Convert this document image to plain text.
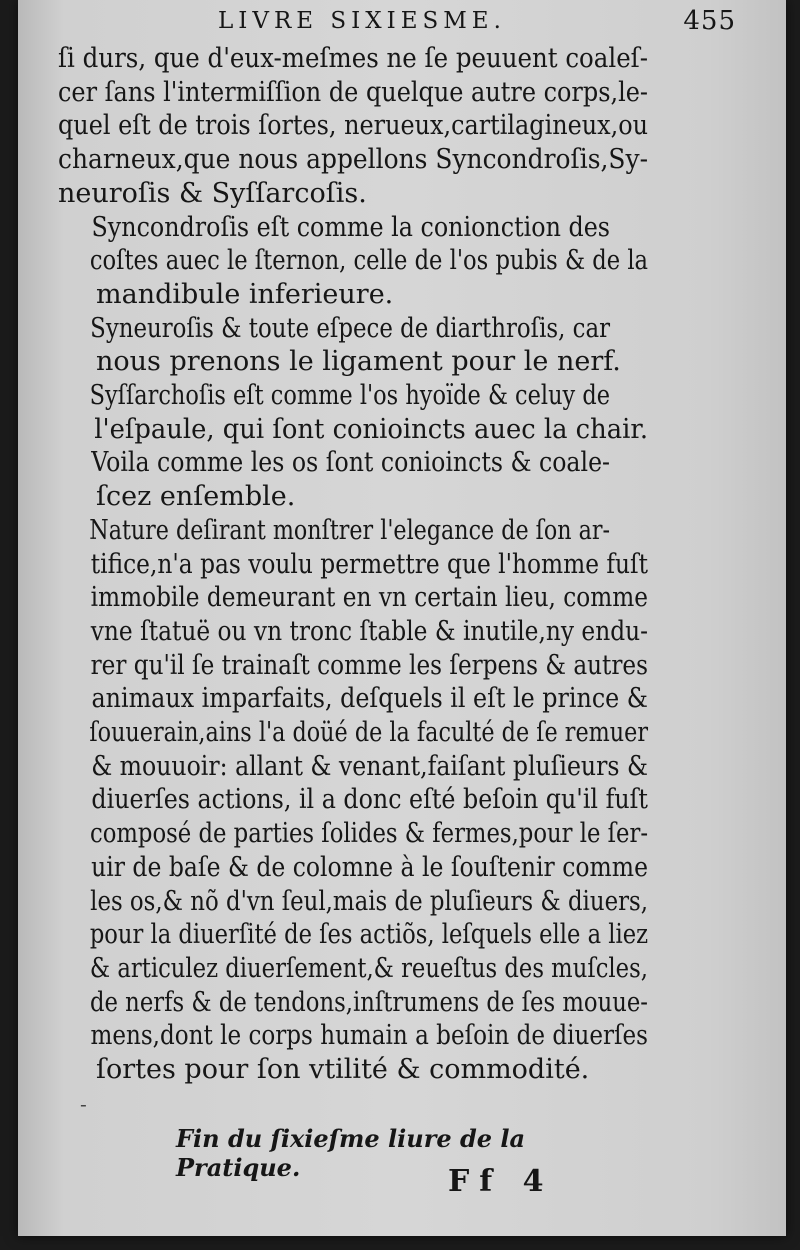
LIVRE SIXIESME.	455

ſi durs, que d'eux-meſmes ne ſe peuuent coaleſ-
cer ſans l'intermiſſion de quelque autre corps,le-
quel eſt de trois ſortes, nerueux,cartilagineux,ou
charneux,que nous appellons Syncondroſis,Sy-
neuroſis & Syſſarcoſis.

Syncondroſis eſt comme la conionction des
coſtes auec le ſternon, celle de l'os pubis & de la
mandibule inferieure.

Syneuroſis & toute eſpece de diarthroſis, car
nous prenons le ligament pour le nerf.

Syſſarchoſis eſt comme l'os hyoïde & celuy de
l'eſpaule, qui ſont conioincts auec la chair.

Voila comme les os ſont conioincts & coale-
ſcez enſemble.

Nature deſirant monſtrer l'elegance de ſon ar-
tifice,n'a pas voulu permettre que l'homme fuſt
immobile demeurant en vn certain lieu, comme
vne ſtatuë ou vn tronc ſtable & inutile,ny endu-
rer qu'il ſe trainaſt comme les ſerpens & autres
animaux imparfaits, deſquels il eſt le prince &
ſouuerain,ains l'a doüé de la faculté de ſe remuer
& mouuoir: allant & venant,faiſant pluſieurs &
diuerſes actions, il a donc eſté beſoin qu'il fuſt
composé de parties ſolides & fermes,pour le ſer-
uir de baſe & de colomne à le ſouſtenir comme
les os,& nõ d'vn ſeul,mais de pluſieurs & diuers,
pour la diuerſité de ſes actiõs, leſquels elle a liez
& articulez diuerſement,& reueſtus des muſcles,
de nerfs & de tendons,inſtrumens de ſes mouue-
mens,dont le corps humain a beſoin de diuerſes
ſortes pour ſon vtilité & commodité.

-
Fin du ſixieſme liure de la Pratique.	Ff 4
